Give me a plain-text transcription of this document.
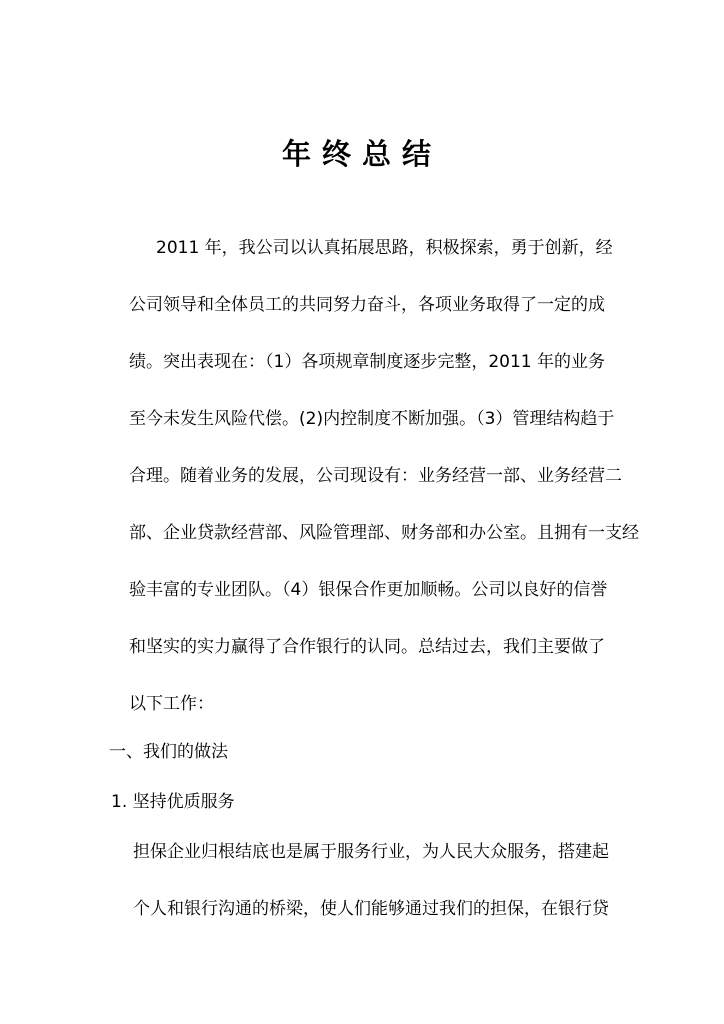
年终总结
2011 年，我公司以认真拓展思路，积极探索，勇于创新，经
公司领导和全体员工的共同努力奋斗，各项业务取得了一定的成
绩。突出表现在：（1）各项规章制度逐步完整，2011 年的业务
至今未发生风险代偿。(2)内控制度不断加强。（3）管理结构趋于
合理。随着业务的发展，公司现设有：业务经营一部、业务经营二
部、企业贷款经营部、风险管理部、财务部和办公室。且拥有一支经
验丰富的专业团队。（4）银保合作更加顺畅。公司以良好的信誉
和坚实的实力赢得了合作银行的认同。总结过去，我们主要做了
以下工作：
一、我们的做法
1. 坚持优质服务
担保企业归根结底也是属于服务行业，为人民大众服务，搭建起
个人和银行沟通的桥梁，使人们能够通过我们的担保，在银行贷
